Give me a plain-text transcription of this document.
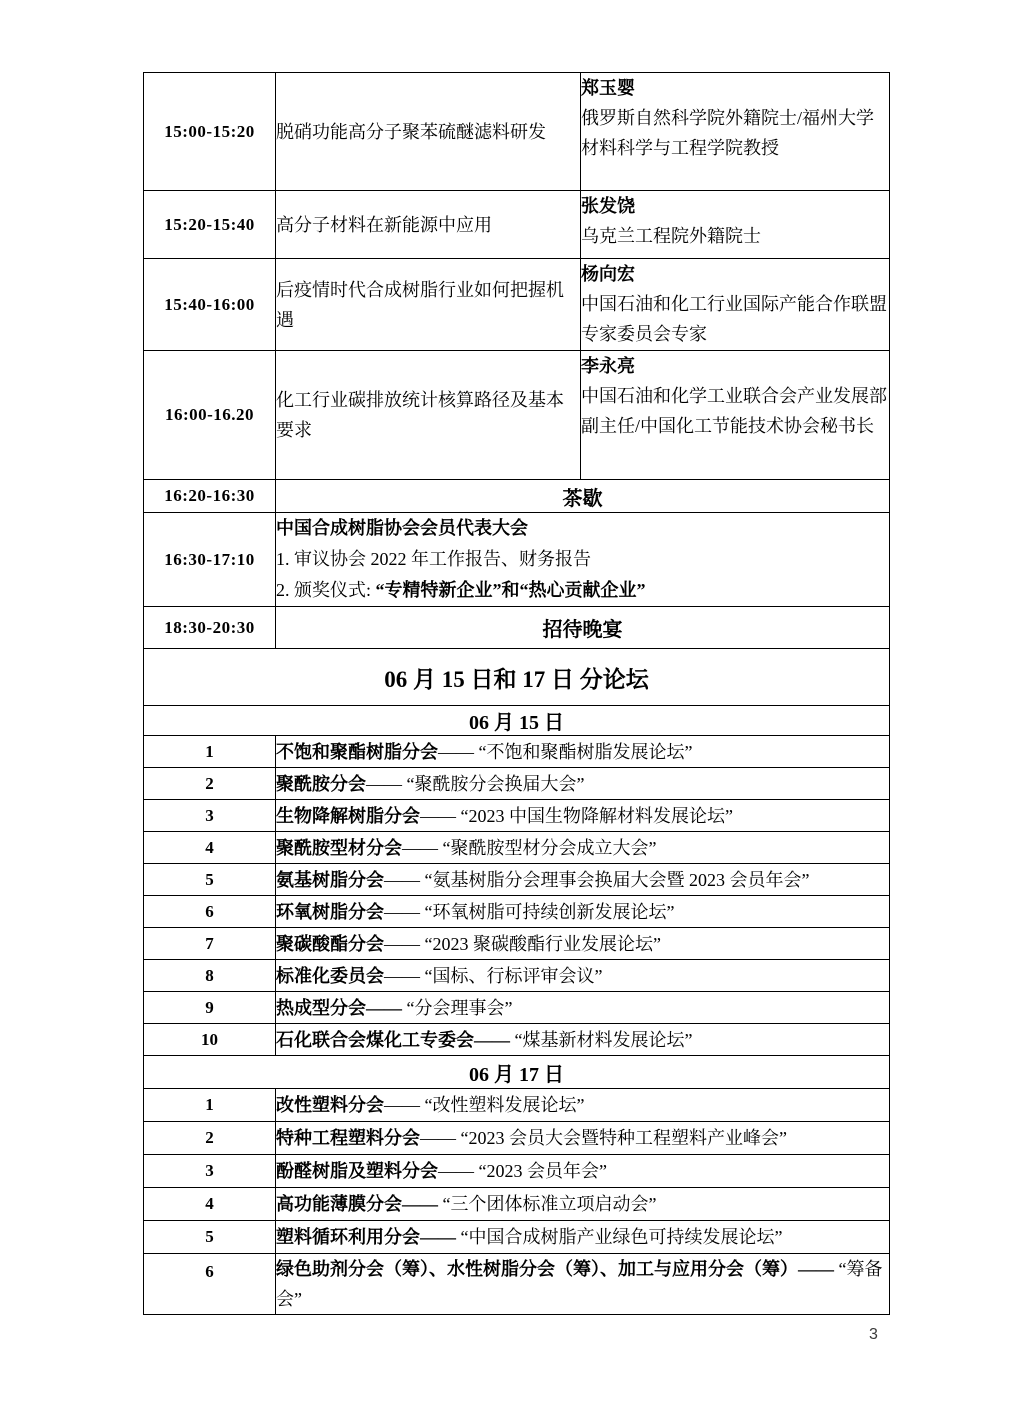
15:00-15:20	脱硝功能高分子聚苯硫醚滤料研发	郑玉婴
俄罗斯自然科学院外籍院士/福州大学材料科学与工程学院教授

15:20-15:40	高分子材料在新能源中应用	张发饶
乌克兰工程院外籍院士

15:40-16:00	后疫情时代合成树脂行业如何把握机遇	杨向宏
中国石油和化工行业国际产能合作联盟专家委员会专家

16:00-16.20	化工行业碳排放统计核算路径及基本要求	李永亮
中国石油和化学工业联合会产业发展部副主任/中国化工节能技术协会秘书长

16:20-16:30	茶歇	
16:30-17:10	中国合成树脂协会会员代表大会
1. 审议协会 2022 年工作报告、财务报告
2. 颁奖仪式: “专精特新企业”和“热心贡献企业”	

18:30-20:30	招待晚宴	
06 月 15 日和 17 日 分论坛		
06 月 15 日		
1	不饱和聚酯树脂分会—— “不饱和聚酯树脂发展论坛”	
2	聚酰胺分会—— “聚酰胺分会换届大会”	
3	生物降解树脂分会—— “2023 中国生物降解材料发展论坛”	
4	聚酰胺型材分会—— “聚酰胺型材分会成立大会”	
5	氨基树脂分会—— “氨基树脂分会理事会换届大会暨 2023 会员年会”	
6	环氧树脂分会—— “环氧树脂可持续创新发展论坛”	
7	聚碳酸酯分会—— “2023 聚碳酸酯行业发展论坛”	
8	标准化委员会—— “国标、行标评审会议”	
9	热成型分会—— “分会理事会”	
10	石化联合会煤化工专委会—— “煤基新材料发展论坛”	
06 月 17 日		
1	改性塑料分会—— “改性塑料发展论坛”	
2	特种工程塑料分会—— “2023 会员大会暨特种工程塑料产业峰会”	
3	酚醛树脂及塑料分会—— “2023 会员年会”	
4	高功能薄膜分会—— “三个团体标准立项启动会”	
5	塑料循环利用分会—— “中国合成树脂产业绿色可持续发展论坛”	
6	绿色助剂分会（筹）、水性树脂分会（筹）、加工与应用分会（筹）—— “筹备会”	
3
